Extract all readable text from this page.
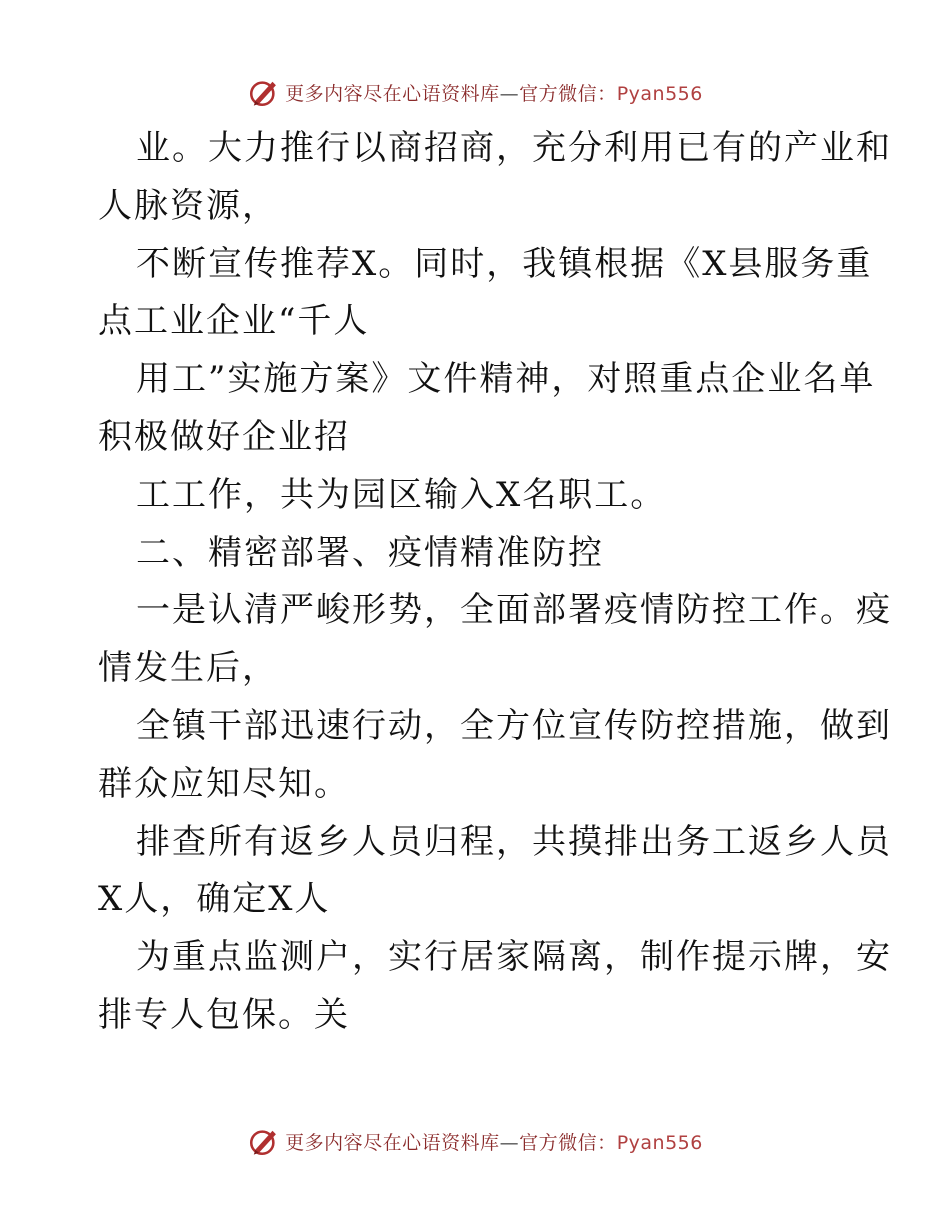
更多内容尽在心语资料库—官方微信：Pyan556
业。大力推行以商招商，充分利用已有的产业和
人脉资源，
不断宣传推荐X。同时，我镇根据《X县服务重
点工业企业“千人
用工”实施方案》文件精神，对照重点企业名单
积极做好企业招
工工作，共为园区输入X名职工。
二、精密部署、疫情精准防控
一是认清严峻形势，全面部署疫情防控工作。疫
情发生后，
全镇干部迅速行动，全方位宣传防控措施，做到
群众应知尽知。
排查所有返乡人员归程，共摸排出务工返乡人员
X人，确定X人
为重点监测户，实行居家隔离，制作提示牌，安
排专人包保。关
更多内容尽在心语资料库—官方微信：Pyan556
